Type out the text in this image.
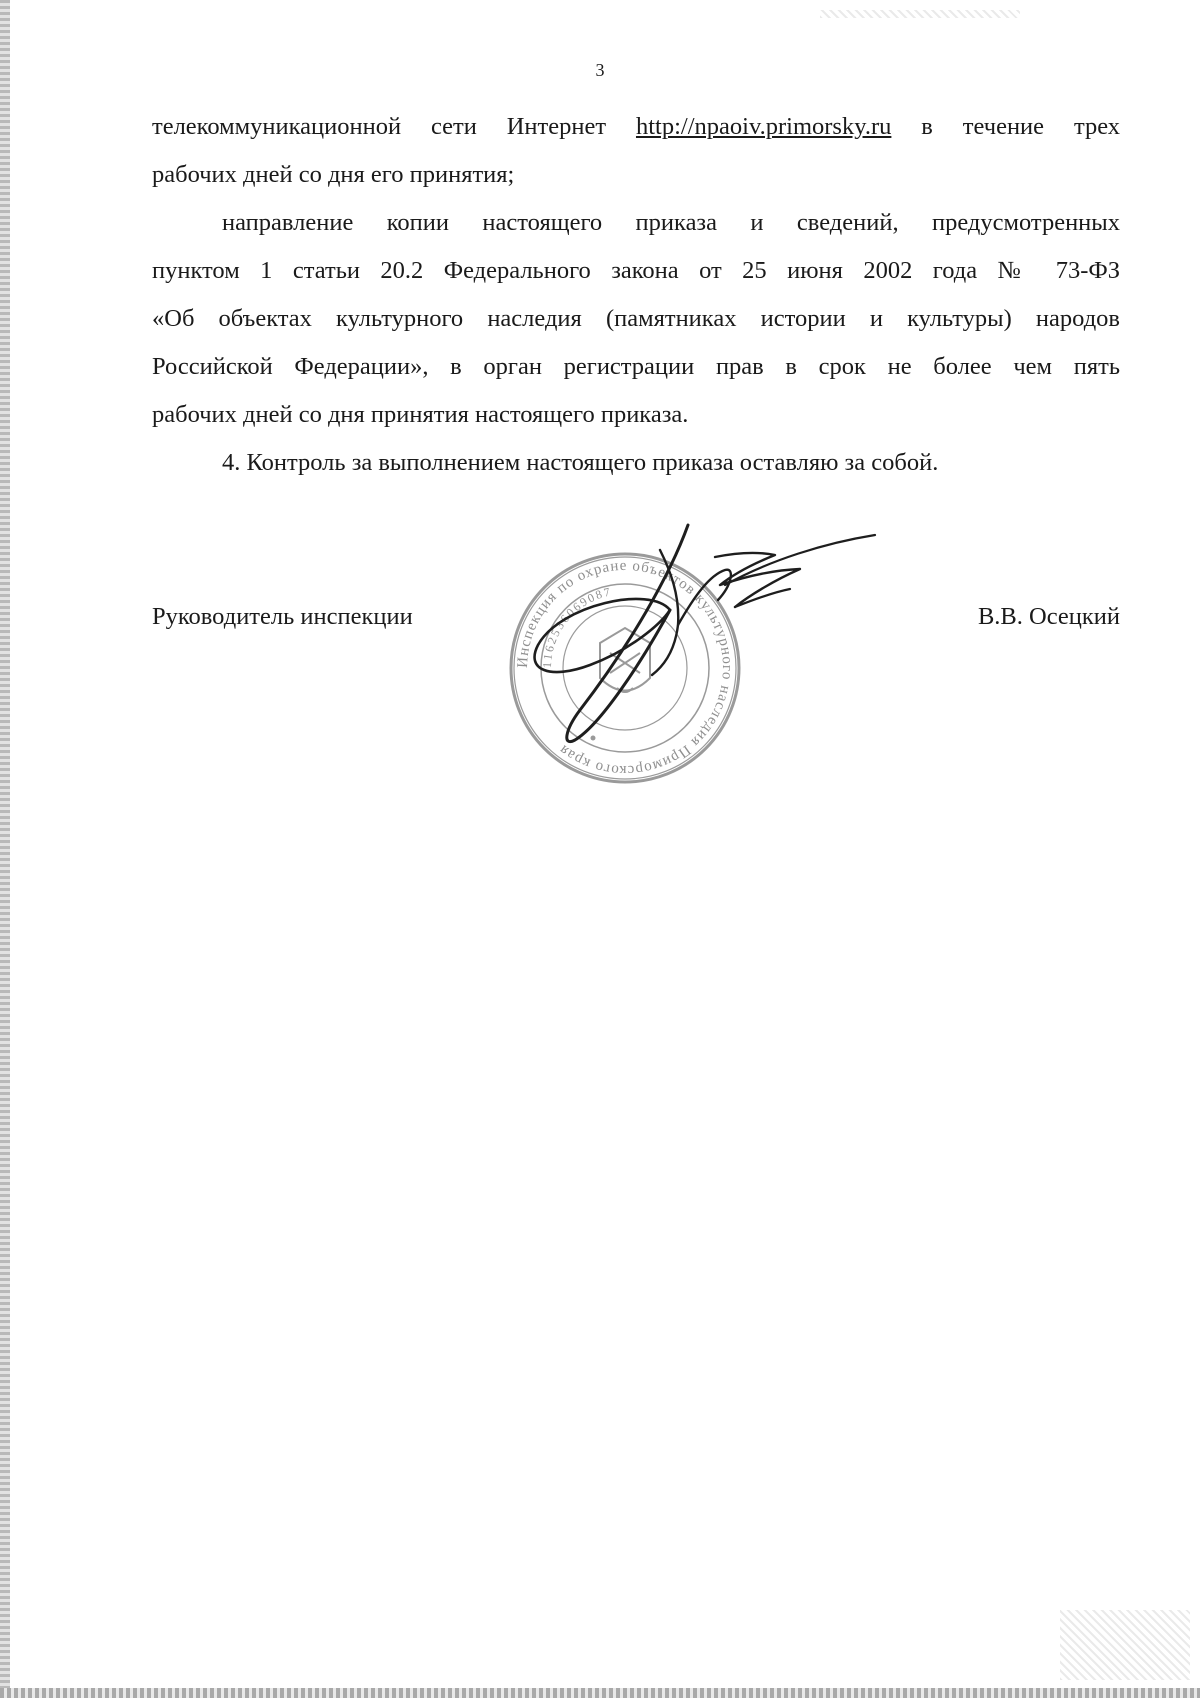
3

телекоммуникационной сети Интернет http://npaoiv.primorsky.ru в течение трех

рабочих дней со дня его принятия;

направление копии настоящего приказа и сведений, предусмотренных

пунктом 1 статьи 20.2 Федерального закона от 25 июня 2002 года № 73-ФЗ

«Об объектах культурного наследия (памятниках истории и культуры) народов

Российской Федерации», в орган регистрации прав в срок не более чем пять

рабочих дней со дня принятия настоящего приказа.

4. Контроль за выполнением настоящего приказа оставляю за собой.

Руководитель инспекции	В.В. Осецкий
Инспекция по охране объектов культурного наследия Приморского края
1162536069087
